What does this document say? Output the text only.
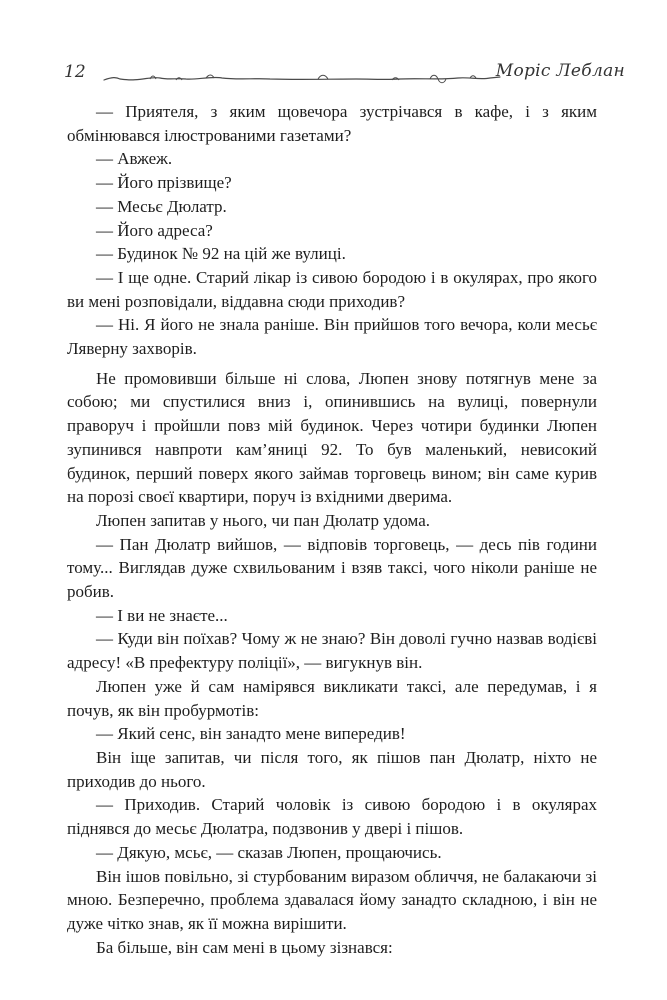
12	Моріс Леблан

— Приятеля, з яким щовечора зустрічався в кафе, і з яким обмінювався ілюстрованими газетами?

— Авжеж.

— Його прізвище?

— Месьє Дюлатр.

— Його адреса?

— Будинок № 92 на цій же вулиці.

— І ще одне. Старий лікар із сивою бородою і в окулярах, про якого ви мені розповідали, віддавна сюди приходив?

— Ні. Я його не знала раніше. Він прийшов того вечора, коли месьє Ляверну захворів.

Не промовивши більше ні слова, Люпен знову потягнув мене за собою; ми спустилися вниз і, опинившись на вулиці, повернули праворуч і пройшли повз мій будинок. Через чотири будинки Люпен зупинився навпроти кам’яниці 92. То був маленький, невисокий будинок, перший поверх якого займав торговець вином; він саме курив на порозі своєї квартири, поруч із вхідними дверима.

Люпен запитав у нього, чи пан Дюлатр удома.

— Пан Дюлатр вийшов, — відповів торговець, — десь пів години тому... Виглядав дуже схвильованим і взяв таксі, чого ніколи раніше не робив.

— І ви не знаєте...

— Куди він поїхав? Чому ж не знаю? Він доволі гучно назвав водієві адресу! «В префектуру поліції», — вигукнув він.

Люпен уже й сам намірявся викликати таксі, але передумав, і я почув, як він пробурмотів:

— Який сенс, він занадто мене випередив!

Він іще запитав, чи після того, як пішов пан Дюлатр, ніхто не приходив до нього.

— Приходив. Старий чоловік із сивою бородою і в окулярах піднявся до месьє Дюлатра, подзвонив у двері і пішов.

— Дякую, мсьє, — сказав Люпен, прощаючись.

Він ішов повільно, зі стурбованим виразом обличчя, не балакаючи зі мною. Безперечно, проблема здавалася йому занадто складною, і він не дуже чітко знав, як її можна вирішити.

Ба більше, він сам мені в цьому зізнався:
